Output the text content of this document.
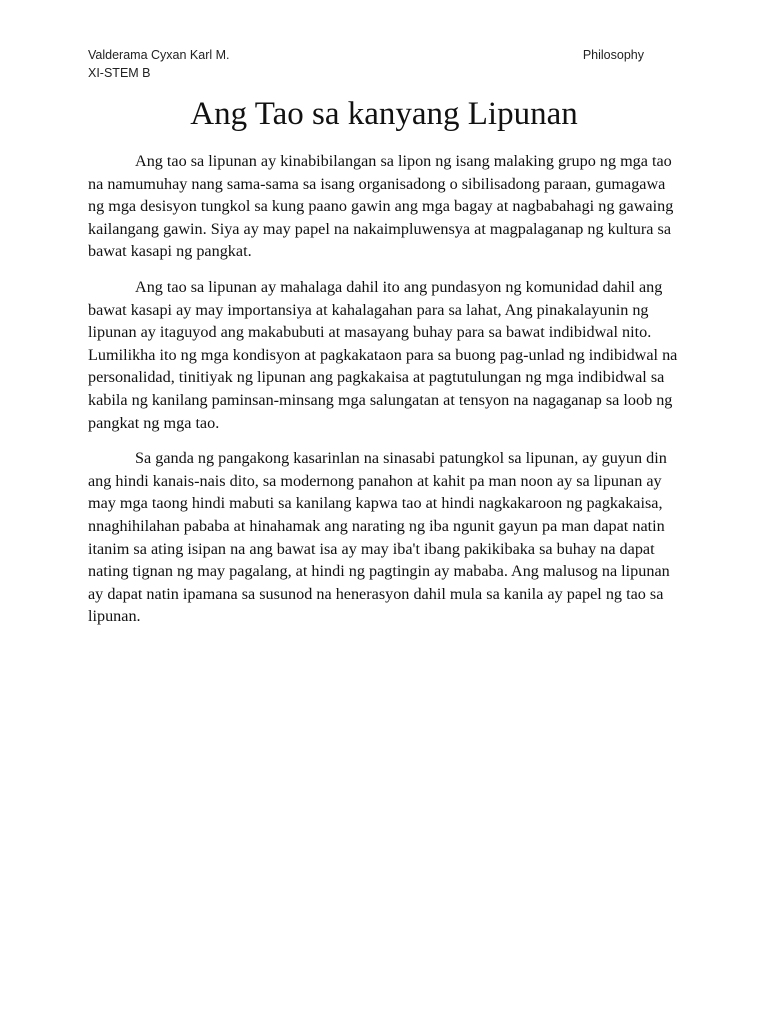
Valderama Cyxan Karl M.
XI-STEM B
Philosophy
Ang Tao sa kanyang Lipunan

Ang tao sa lipunan ay kinabibilangan sa lipon ng isang malaking grupo ng mga tao na namumuhay nang sama-sama sa isang organisadong o sibilisadong paraan, gumagawa ng mga desisyon tungkol sa kung paano gawin ang mga bagay at nagbabahagi ng gawaing kailangang gawin. Siya ay may papel na nakaimpluwensya at magpalaganap ng kultura sa bawat kasapi ng pangkat.

Ang tao sa lipunan ay mahalaga dahil ito ang pundasyon ng komunidad dahil ang bawat kasapi ay may importansiya at kahalagahan para sa lahat, Ang pinakalayunin ng lipunan ay itaguyod ang makabubuti at masayang buhay para sa bawat indibidwal nito. Lumilikha ito ng mga kondisyon at pagkakataon para sa buong pag-unlad ng indibidwal na personalidad, tinitiyak ng lipunan ang pagkakaisa at pagtutulungan ng mga indibidwal sa kabila ng kanilang paminsan-minsang mga salungatan at tensyon na nagaganap sa loob ng pangkat ng mga tao.

Sa ganda ng pangakong kasarinlan na sinasabi patungkol sa lipunan, ay guyun din ang hindi kanais-nais dito, sa modernong panahon at kahit pa man noon ay sa lipunan ay may mga taong hindi mabuti sa kanilang kapwa tao at hindi nagkakaroon ng pagkakaisa, nnaghihilahan pababa at hinahamak ang narating ng iba ngunit gayun pa man dapat natin itanim sa ating isipan na ang bawat isa ay may iba't ibang pakikibaka sa buhay na dapat nating tignan ng may pagalang, at hindi ng pagtingin ay mababa. Ang malusog na lipunan ay dapat natin ipamana sa susunod na henerasyon dahil mula sa kanila ay papel ng tao sa lipunan.
